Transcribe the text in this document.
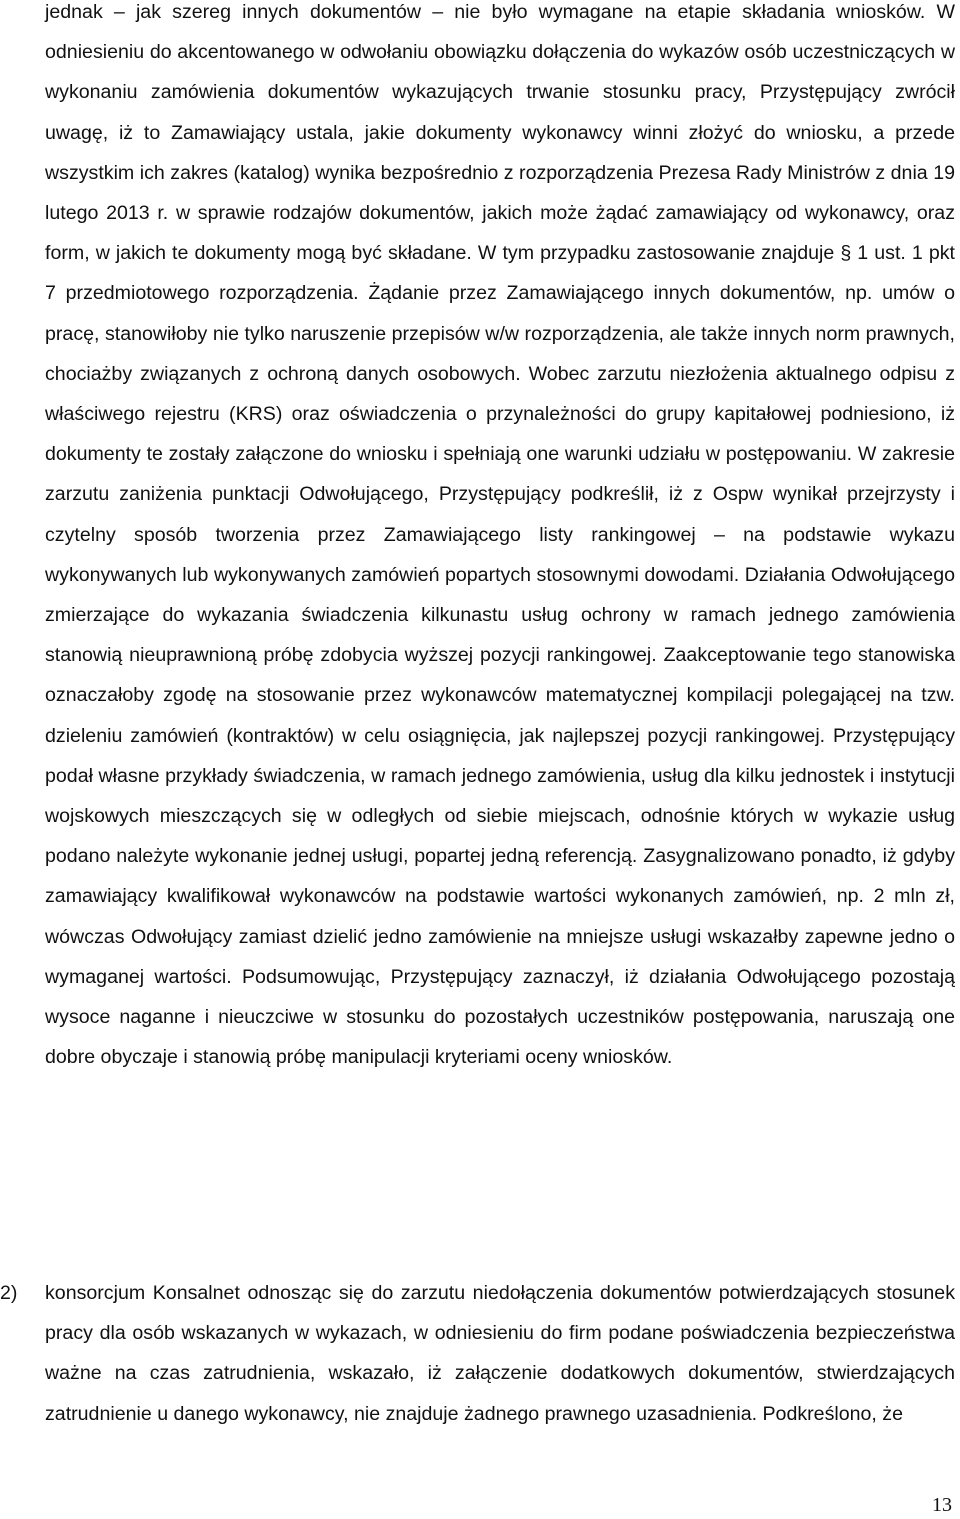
jednak – jak szereg innych dokumentów – nie było wymagane na etapie składania wniosków. W odniesieniu do akcentowanego w odwołaniu obowiązku dołączenia do wykazów osób uczestniczących w wykonaniu zamówienia dokumentów wykazujących trwanie stosunku pracy, Przystępujący zwrócił uwagę, iż to Zamawiający ustala, jakie dokumenty wykonawcy winni złożyć do wniosku, a przede wszystkim ich zakres (katalog) wynika bezpośrednio z rozporządzenia Prezesa Rady Ministrów z dnia 19 lutego 2013 r. w sprawie rodzajów dokumentów, jakich może żądać zamawiający od wykonawcy, oraz form, w jakich te dokumenty mogą być składane. W tym przypadku zastosowanie znajduje § 1 ust. 1 pkt 7 przedmiotowego rozporządzenia. Żądanie przez Zamawiającego innych dokumentów, np. umów o pracę, stanowiłoby nie tylko naruszenie przepisów w/w rozporządzenia, ale także innych norm prawnych, chociażby związanych z ochroną danych osobowych. Wobec zarzutu niezłożenia aktualnego odpisu z właściwego rejestru (KRS) oraz oświadczenia o przynależności do grupy kapitałowej podniesiono, iż dokumenty te zostały załączone do wniosku i spełniają one warunki udziału w postępowaniu. W zakresie zarzutu zaniżenia punktacji Odwołującego, Przystępujący podkreślił, iż z Ospw wynikał przejrzysty i czytelny sposób tworzenia przez Zamawiającego listy rankingowej – na podstawie wykazu wykonywanych lub wykonywanych zamówień popartych stosownymi dowodami. Działania Odwołującego zmierzające do wykazania świadczenia kilkunastu usług ochrony w ramach jednego zamówienia stanowią nieuprawnioną próbę zdobycia wyższej pozycji rankingowej. Zaakceptowanie tego stanowiska oznaczałoby zgodę na stosowanie przez wykonawców matematycznej kompilacji polegającej na tzw. dzieleniu zamówień (kontraktów) w celu osiągnięcia, jak najlepszej pozycji rankingowej. Przystępujący podał własne przykłady świadczenia, w ramach jednego zamówienia, usług dla kilku jednostek i instytucji wojskowych mieszczących się w odległych od siebie miejscach, odnośnie których w wykazie usług podano należyte wykonanie jednej usługi, popartej jedną referencją. Zasygnalizowano ponadto, iż gdyby zamawiający kwalifikował wykonawców na podstawie wartości wykonanych zamówień, np. 2 mln zł, wówczas Odwołujący zamiast dzielić jedno zamówienie na mniejsze usługi wskazałby zapewne jedno o wymaganej wartości. Podsumowując, Przystępujący zaznaczył, iż działania Odwołującego pozostają wysoce naganne i nieuczciwe w stosunku do pozostałych uczestników postępowania, naruszają one dobre obyczaje i stanowią próbę manipulacji kryteriami oceny wniosków.

2) konsorcjum Konsalnet odnosząc się do zarzutu niedołączenia dokumentów potwierdzających stosunek pracy dla osób wskazanych w wykazach, w odniesieniu do firm podane poświadczenia bezpieczeństwa ważne na czas zatrudnienia, wskazało, iż załączenie dodatkowych dokumentów, stwierdzających zatrudnienie u danego wykonawcy, nie znajduje żadnego prawnego uzasadnienia. Podkreślono, że

13
